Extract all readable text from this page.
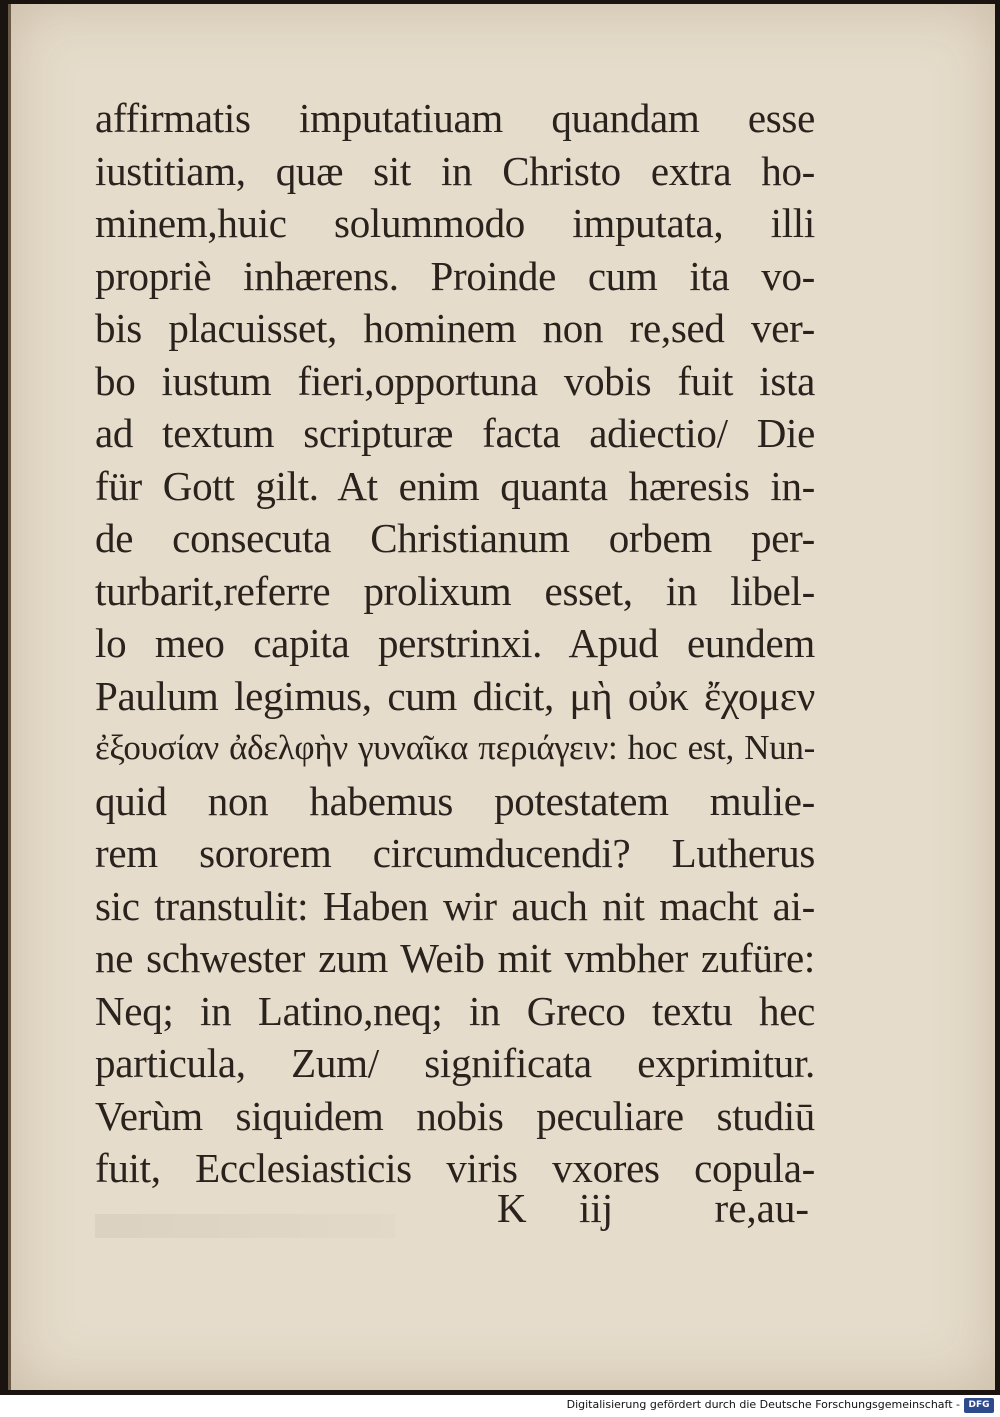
affirmatis imputatiuam quandam esse
iustitiam, quæ sit in Christo extra ho-
minem,huic solummodo imputata, illi
propriè inhærens. Proinde cum ita vo-
bis placuisset, hominem non re,sed ver-
bo iustum fieri,opportuna vobis fuit ista
ad textum scripturæ facta adiectio/ Die
für Gott gilt. At enim quanta hæresis in-
de consecuta Christianum orbem per-
turbarit,referre prolixum esset, in libel-
lo meo capita perstrinxi. Apud eundem
Paulum legimus, cum dicit, μὴ οὐκ ἔχομεν
ἐξουσίαν ἀδελφὴν γυναῖκα περιάγειν: hoc est, Nun-
quid non habemus potestatem mulie-
rem sororem circumducendi? Lutherus
sic transtulit: Haben wir auch nit macht ai-
ne schwester zum Weib mit vmbher zufüre:
Neq; in Latino,neq; in Greco textu hec
particula, Zum/ significata exprimitur.
Verùm siquidem nobis peculiare studiū
fuit, Ecclesiasticis viris vxores copula-
K iij re,au-
Digitalisierung gefördert durch die Deutsche Forschungsgemeinschaft - DFG
